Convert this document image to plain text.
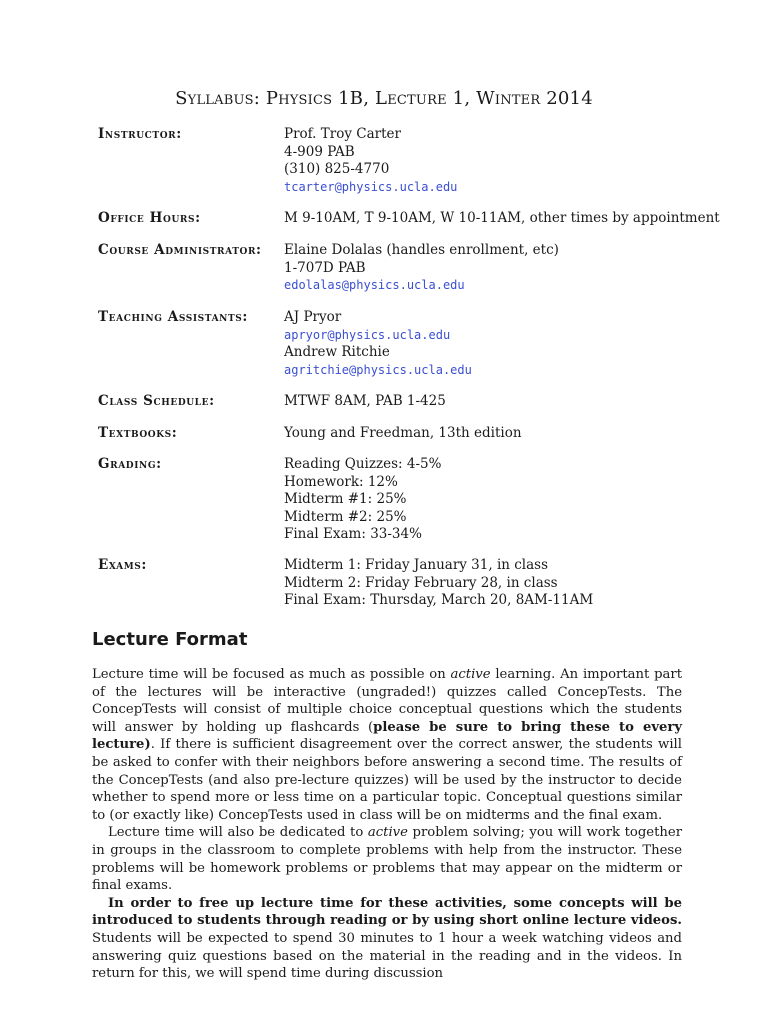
Syllabus: Physics 1B, Lecture 1, Winter 2014
Instructor:	Prof. Troy Carter
4-909 PAB
(310) 825-4770
tcarter@physics.ucla.edu
Office Hours:	M 9-10AM, T 9-10AM, W 10-11AM, other times by appointment
Course Administrator: Elaine Dolalas (handles enrollment, etc)
1-707D PAB
edolalas@physics.ucla.edu
Teaching Assistants:	AJ Pryor
apryor@physics.ucla.edu
Andrew Ritchie
agritchie@physics.ucla.edu
Class Schedule:	MTWF 8AM, PAB 1-425
Textbooks:	Young and Freedman, 13th edition
Grading:	Reading Quizzes: 4-5%
Homework: 12%
Midterm #1: 25%
Midterm #2: 25%
Final Exam: 33-34%
Exams:	Midterm 1: Friday January 31, in class
Midterm 2: Friday February 28, in class
Final Exam: Thursday, March 20, 8AM-11AM
Lecture Format

Lecture time will be focused as much as possible on active learning. An important part of the lectures will be interactive (ungraded!) quizzes called ConcepTests. The ConcepTests will consist of multiple choice conceptual questions which the students will answer by holding up flashcards (please be sure to bring these to every lecture). If there is sufficient disagreement over the correct answer, the students will be asked to confer with their neighbors before answering a second time. The results of the ConcepTests (and also pre-lecture quizzes) will be used by the instructor to decide whether to spend more or less time on a particular topic. Conceptual questions similar to (or exactly like) ConcepTests used in class will be on midterms and the final exam.

Lecture time will also be dedicated to active problem solving; you will work together in groups in the classroom to complete problems with help from the instructor. These problems will be homework problems or problems that may appear on the midterm or final exams.

In order to free up lecture time for these activities, some concepts will be introduced to students through reading or by using short online lecture videos. Students will be expected to spend 30 minutes to 1 hour a week watching videos and answering quiz questions based on the material in the reading and in the videos. In return for this, we will spend time during discussion
